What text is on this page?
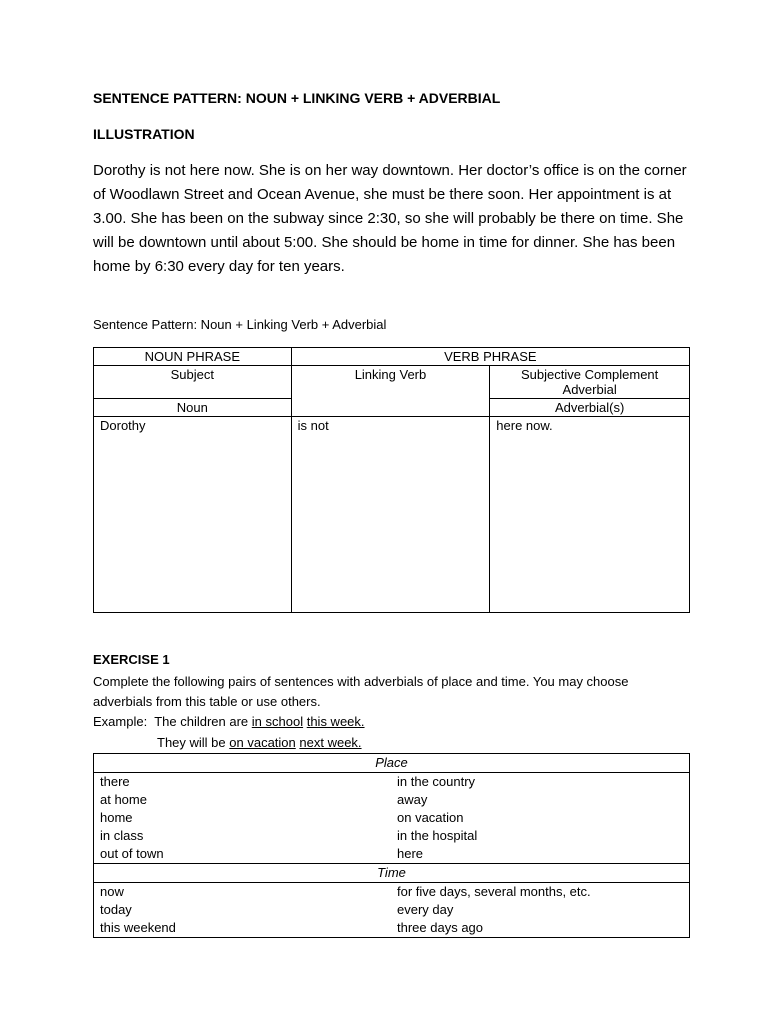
SENTENCE PATTERN: NOUN + LINKING VERB + ADVERBIAL
ILLUSTRATION
Dorothy is not here now. She is on her way downtown. Her doctor’s office is on the corner of Woodlawn Street and Ocean Avenue, she must be there soon. Her appointment is at 3.00. She has been on the subway since 2:30, so she will probably be there on time. She will be downtown until about 5:00. She should be home in time for dinner. She has been home by 6:30 every day for ten years.
Sentence Pattern: Noun + Linking Verb + Adverbial
NOUN PHRASE	VERB PHRASE	
Subject	Linking Verb	Subjective Complement
Adverbial

Noun		Adverbial(s)
Dorothy	is not	here now.
EXERCISE 1
Complete the following pairs of sentences with adverbials of place and time. You may choose adverbials from this table or use others.
Example: The children are in school this week.
They will be on vacation next week.
Place	
there	in the country
at home	away
home	on vacation
in class	in the hospital
out of town	here
Time	
now	for five days, several months, etc.
today	every day
this weekend	three days ago
